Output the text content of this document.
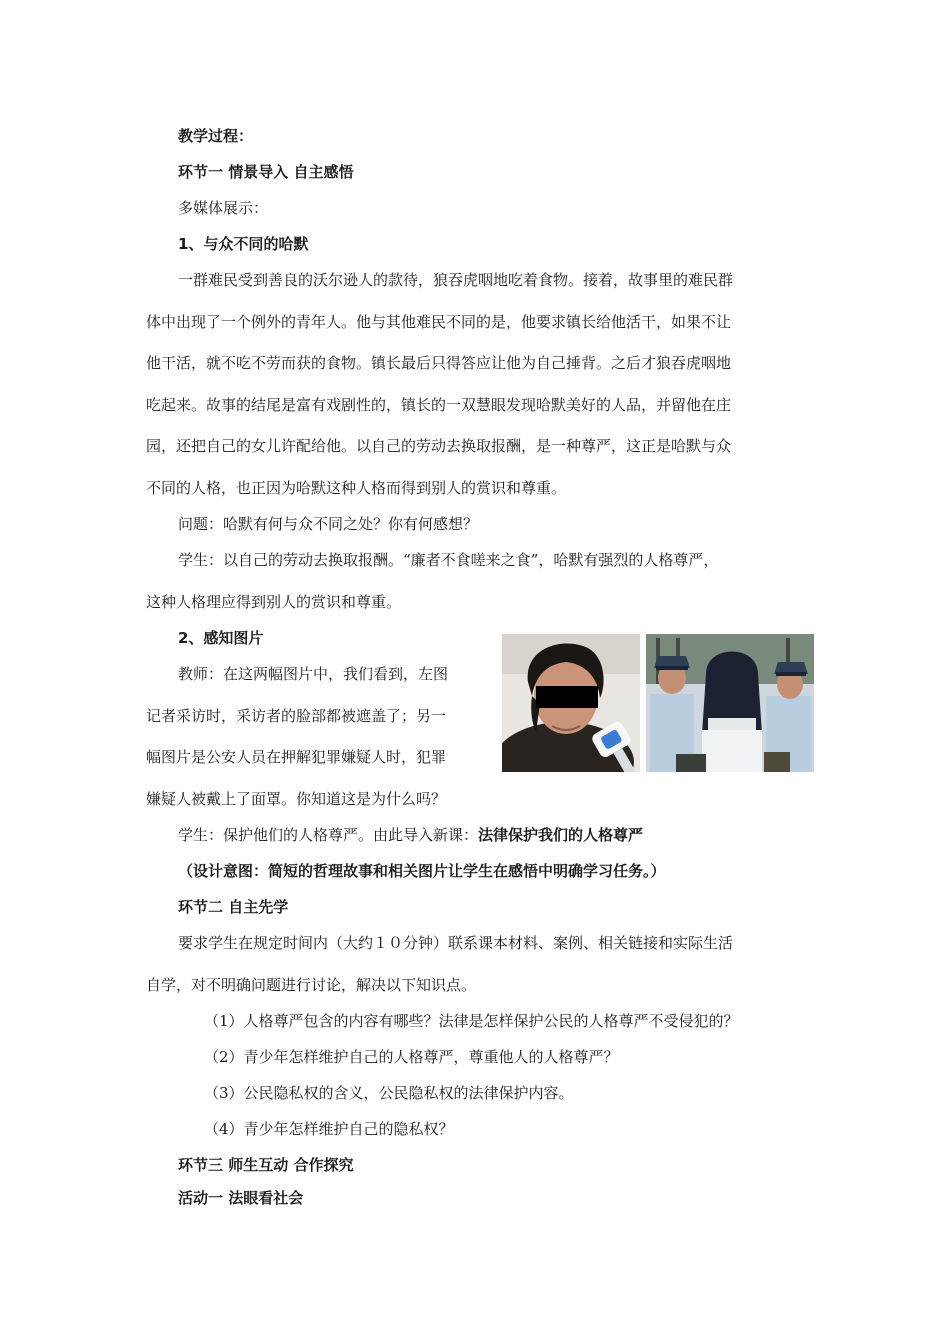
教学过程：
环节一 情景导入 自主感悟
多媒体展示：
1、与众不同的哈默
一群难民受到善良的沃尔逊人的款待，狼吞虎咽地吃着食物。接着，故事里的难民群
体中出现了一个例外的青年人。他与其他难民不同的是，他要求镇长给他活干，如果不让
他干活，就不吃不劳而获的食物。镇长最后只得答应让他为自己捶背。之后才狼吞虎咽地
吃起来。故事的结尾是富有戏剧性的，镇长的一双慧眼发现哈默美好的人品，并留他在庄
园，还把自己的女儿许配给他。以自己的劳动去换取报酬，是一种尊严，这正是哈默与众
不同的人格，也正因为哈默这种人格而得到别人的赏识和尊重。
问题：哈默有何与众不同之处？你有何感想？
学生：以自己的劳动去换取报酬。“廉者不食嗟来之食”，哈默有强烈的人格尊严，
这种人格理应得到别人的赏识和尊重。
2、感知图片
教师：在这两幅图片中，我们看到，左图
记者采访时，采访者的脸部都被遮盖了；另一
幅图片是公安人员在押解犯罪嫌疑人时，犯罪
嫌疑人被戴上了面罩。你知道这是为什么吗？
学生：保护他们的人格尊严。由此导入新课：法律保护我们的人格尊严
（设计意图：简短的哲理故事和相关图片让学生在感悟中明确学习任务。）
环节二 自主先学
要求学生在规定时间内（大约１０分钟）联系课本材料、案例、相关链接和实际生活
自学，对不明确问题进行讨论，解决以下知识点。
（1）人格尊严包含的内容有哪些？法律是怎样保护公民的人格尊严不受侵犯的？
（2）青少年怎样维护自己的人格尊严，尊重他人的人格尊严？
（3）公民隐私权的含义，公民隐私权的法律保护内容。
（4）青少年怎样维护自己的隐私权？
环节三 师生互动 合作探究
活动一 法眼看社会
